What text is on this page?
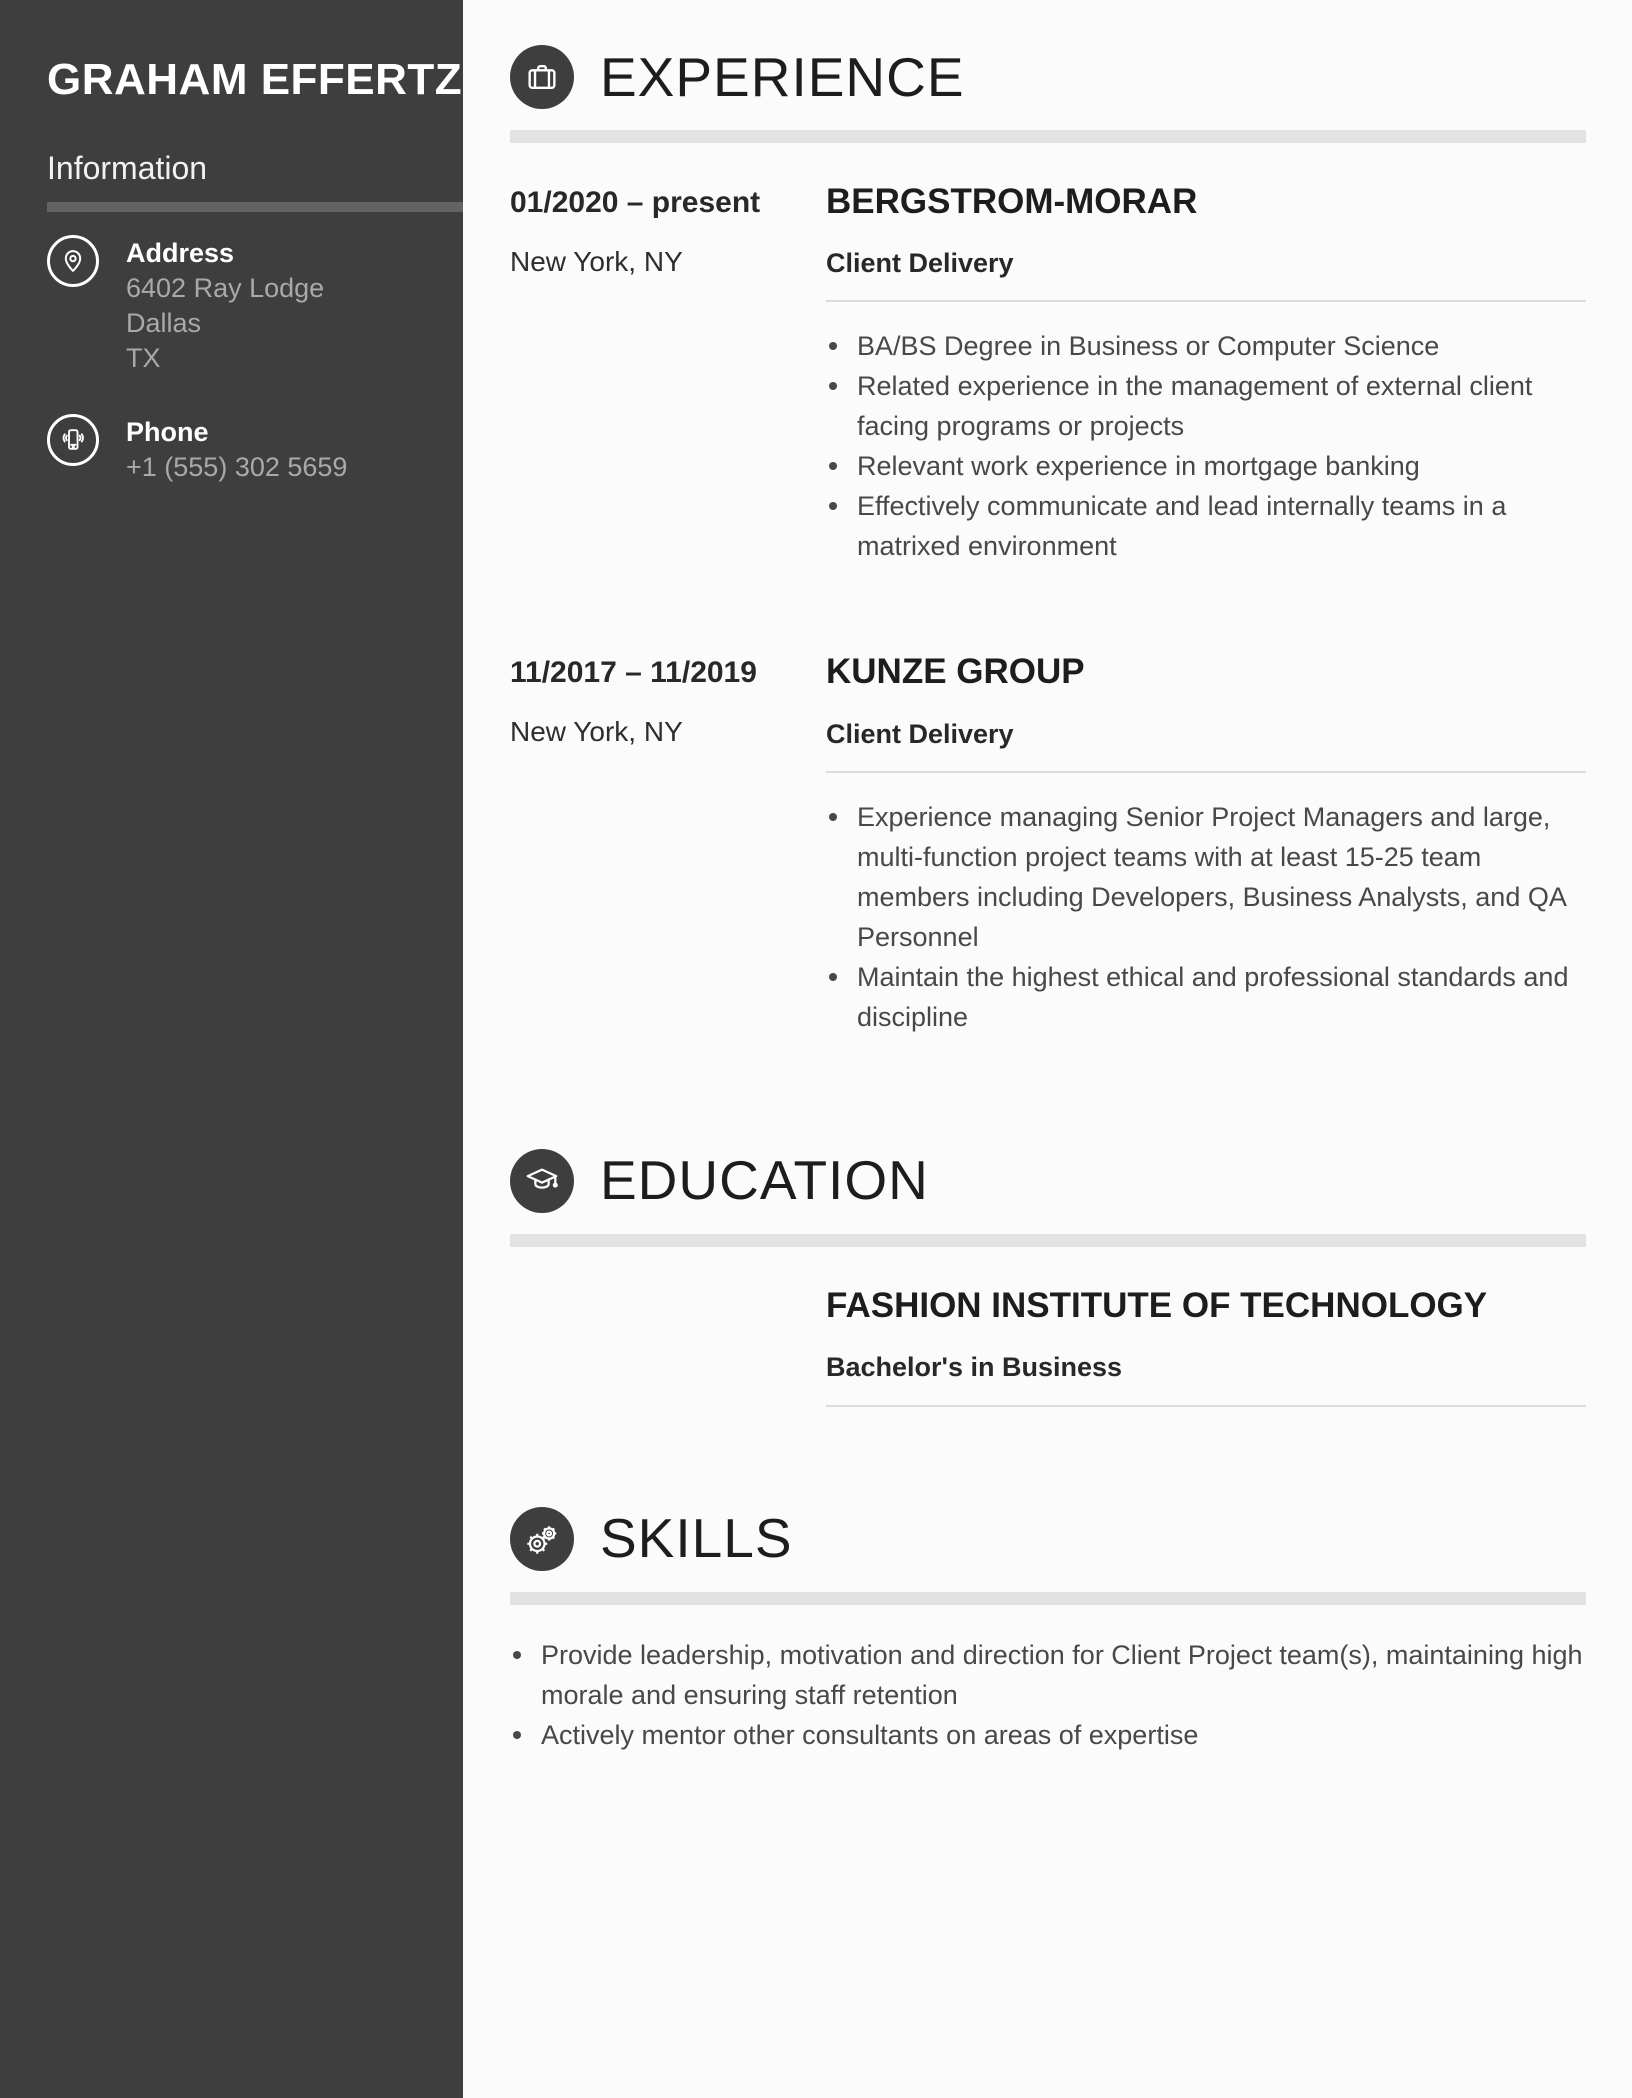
GRAHAM EFFERTZ
Information
Address
6402 Ray Lodge
Dallas
TX
Phone
+1 (555) 302 5659
EXPERIENCE
01/2020 – present
New York, NY
BERGSTROM-MORAR
Client Delivery
BA/BS Degree in Business or Computer Science
Related experience in the management of external client facing programs or projects
Relevant work experience in mortgage banking
Effectively communicate and lead internally teams in a matrixed environment
11/2017 – 11/2019
New York, NY
KUNZE GROUP
Client Delivery
Experience managing Senior Project Managers and large, multi-function project teams with at least 15-25 team members including Developers, Business Analysts, and QA Personnel
Maintain the highest ethical and professional standards and discipline
EDUCATION
FASHION INSTITUTE OF TECHNOLOGY
Bachelor's in Business
SKILLS
Provide leadership, motivation and direction for Client Project team(s), maintaining high morale and ensuring staff retention
Actively mentor other consultants on areas of expertise
